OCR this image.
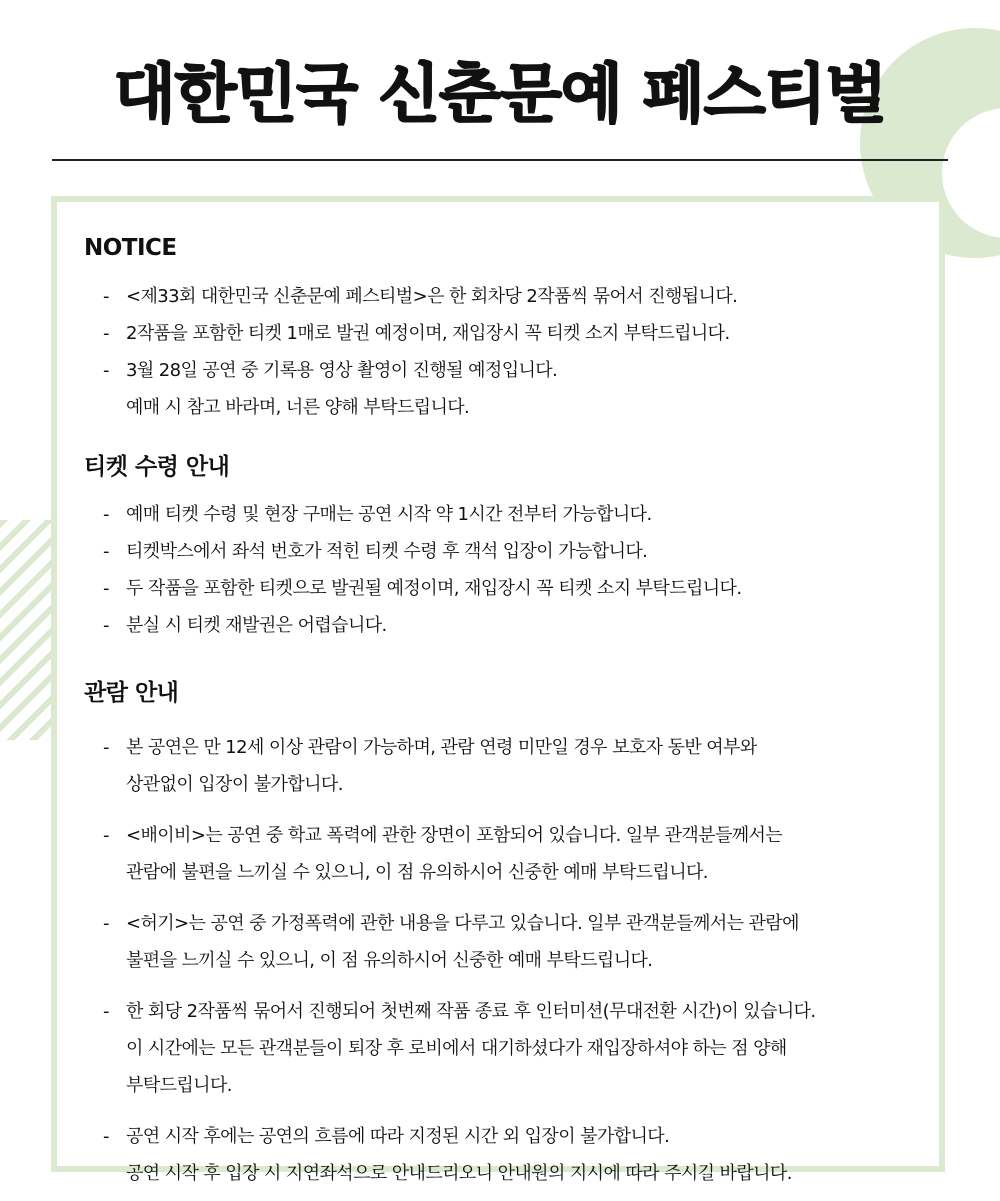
대한민국 신춘문예 페스티벌
NOTICE
- <제33회 대한민국 신춘문예 페스티벌>은 한 회차당 2작품씩 묶어서 진행됩니다.
- 2작품을 포함한 티켓 1매로 발권 예정이며, 재입장시 꼭 티켓 소지 부탁드립니다.
- 3월 28일 공연 중 기록용 영상 촬영이 진행될 예정입니다.
예매 시 참고 바라며, 너른 양해 부탁드립니다.
티켓 수령 안내
- 예매 티켓 수령 및 현장 구매는 공연 시작 약 1시간 전부터 가능합니다.
- 티켓박스에서 좌석 번호가 적힌 티켓 수령 후 객석 입장이 가능합니다.
- 두 작품을 포함한 티켓으로 발권될 예정이며, 재입장시 꼭 티켓 소지 부탁드립니다.
- 분실 시 티켓 재발권은 어렵습니다.
관람 안내
- 본 공연은 만 12세 이상 관람이 가능하며, 관람 연령 미만일 경우 보호자 동반 여부와
상관없이 입장이 불가합니다.
- <배이비>는 공연 중 학교 폭력에 관한 장면이 포함되어 있습니다. 일부 관객분들께서는
관람에 불편을 느끼실 수 있으니, 이 점 유의하시어 신중한 예매 부탁드립니다.
- <허기>는 공연 중 가정폭력에 관한 내용을 다루고 있습니다. 일부 관객분들께서는 관람에
불편을 느끼실 수 있으니, 이 점 유의하시어 신중한 예매 부탁드립니다.
- 한 회당 2작품씩 묶어서 진행되어 첫번째 작품 종료 후 인터미션(무대전환 시간)이 있습니다.
이 시간에는 모든 관객분들이 퇴장 후 로비에서 대기하셨다가 재입장하셔야 하는 점 양해
부탁드립니다.
- 공연 시작 후에는 공연의 흐름에 따라 지정된 시간 외 입장이 불가합니다.
공연 시작 후 입장 시 지연좌석으로 안내드리오니 안내원의 지시에 따라 주시길 바랍니다.
